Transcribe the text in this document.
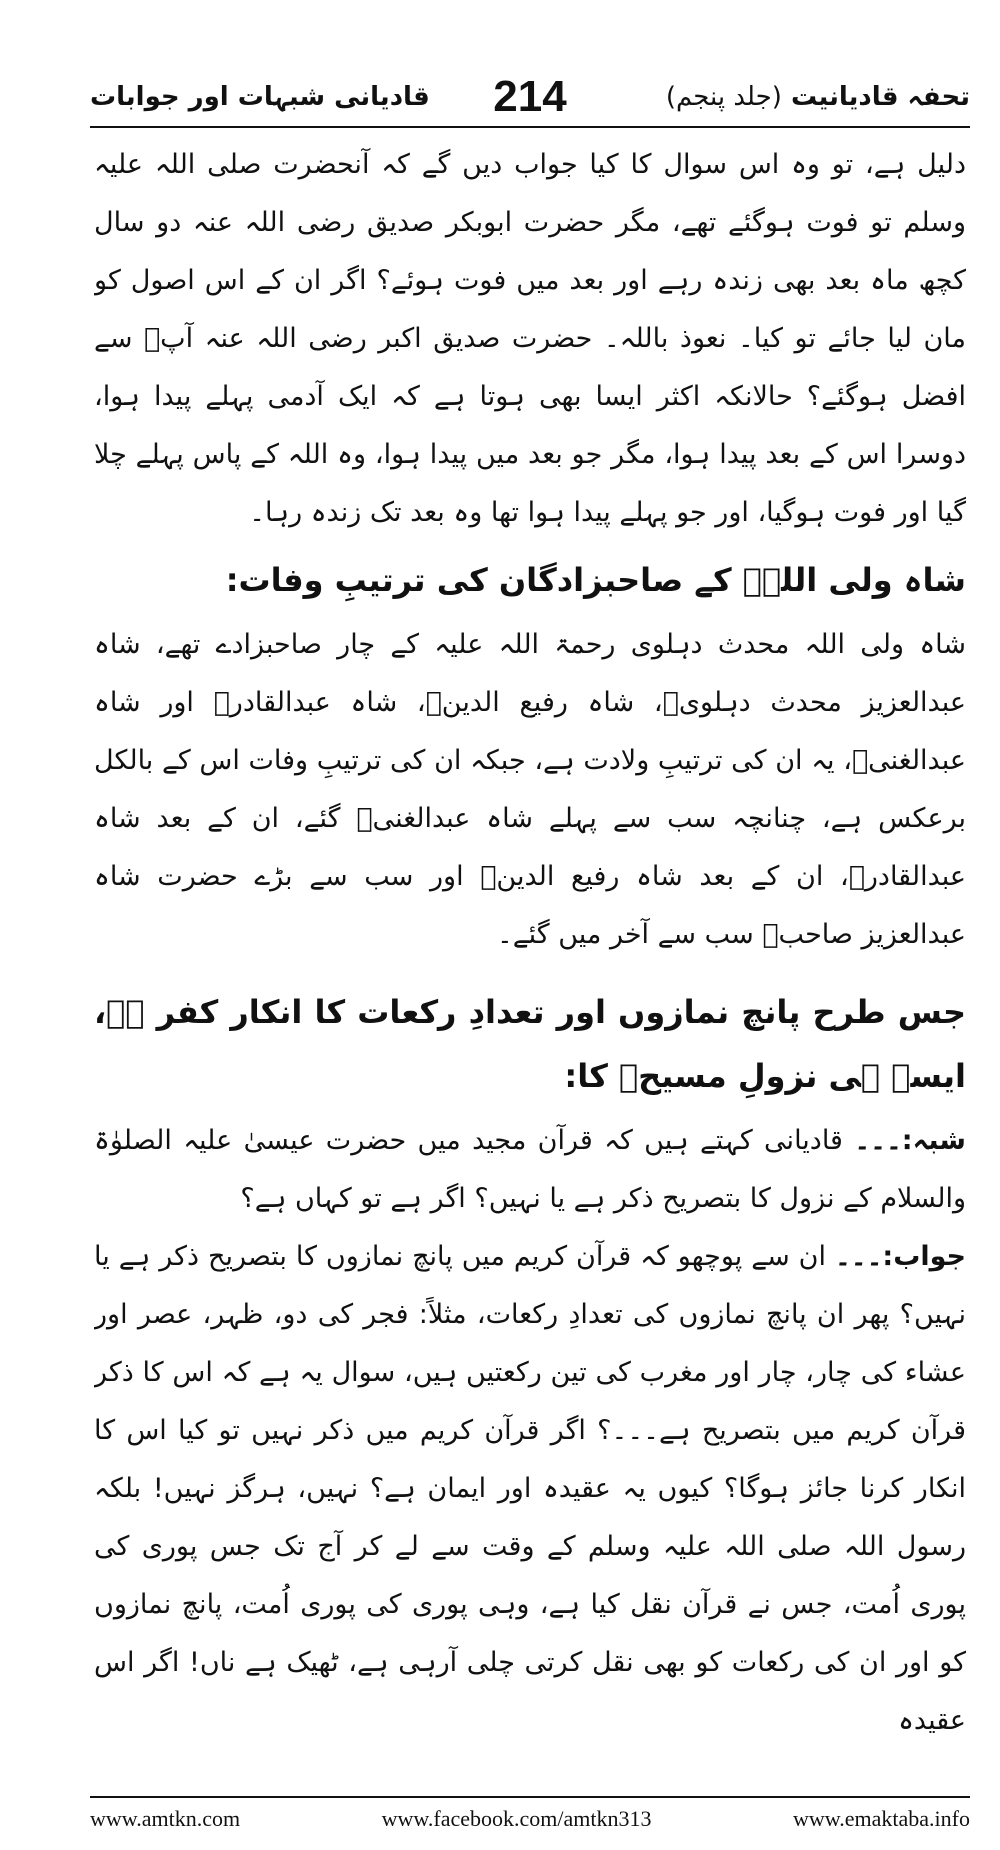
تحفہ قادیانیت (جلد پنجم)
214
قادیانی شبہات اور جوابات

دلیل ہے، تو وہ اس سوال کا کیا جواب دیں گے کہ آنحضرت صلی اللہ علیہ وسلم تو فوت ہوگئے تھے، مگر حضرت ابوبکر صدیق رضی اللہ عنہ دو سال کچھ ماہ بعد بھی زندہ رہے اور بعد میں فوت ہوئے؟ اگر ان کے اس اصول کو مان لیا جائے تو کیا۔ نعوذ باللہ۔ حضرت صدیق اکبر رضی اللہ عنہ آپؐ سے افضل ہوگئے؟ حالانکہ اکثر ایسا بھی ہوتا ہے کہ ایک آدمی پہلے پیدا ہوا، دوسرا اس کے بعد پیدا ہوا، مگر جو بعد میں پیدا ہوا، وہ اللہ کے پاس پہلے چلا گیا اور فوت ہوگیا، اور جو پہلے پیدا ہوا تھا وہ بعد تک زندہ رہا۔

شاہ ولی اللہؒ کے صاحبزادگان کی ترتیبِ وفات:

شاہ ولی اللہ محدث دہلوی رحمۃ اللہ علیہ کے چار صاحبزادے تھے، شاہ عبدالعزیز محدث دہلویؒ، شاہ رفیع الدینؒ، شاہ عبدالقادرؒ اور شاہ عبدالغنیؒ، یہ ان کی ترتیبِ ولادت ہے، جبکہ ان کی ترتیبِ وفات اس کے بالکل برعکس ہے، چنانچہ سب سے پہلے شاہ عبدالغنیؒ گئے، ان کے بعد شاہ عبدالقادرؒ، ان کے بعد شاہ رفیع الدینؒ اور سب سے بڑے حضرت شاہ عبدالعزیز صاحبؒ سب سے آخر میں گئے۔

جس طرح پانچ نمازوں اور تعدادِ رکعات کا انکار کفر ہے، ایسے ہی نزولِ مسیحؑ کا:

شبہ:۔۔۔ قادیانی کہتے ہیں کہ قرآن مجید میں حضرت عیسیٰ علیہ الصلوٰۃ والسلام کے نزول کا بتصریح ذکر ہے یا نہیں؟ اگر ہے تو کہاں ہے؟

جواب:۔۔۔ ان سے پوچھو کہ قرآن کریم میں پانچ نمازوں کا بتصریح ذکر ہے یا نہیں؟ پھر ان پانچ نمازوں کی تعدادِ رکعات، مثلاً: فجر کی دو، ظہر، عصر اور عشاء کی چار، چار اور مغرب کی تین رکعتیں ہیں، سوال یہ ہے کہ اس کا ذکر قرآن کریم میں بتصریح ہے۔۔۔؟ اگر قرآن کریم میں ذکر نہیں تو کیا اس کا انکار کرنا جائز ہوگا؟ کیوں یہ عقیدہ اور ایمان ہے؟ نہیں، ہرگز نہیں! بلکہ رسول اللہ صلی اللہ علیہ وسلم کے وقت سے لے کر آج تک جس پوری کی پوری اُمت، جس نے قرآن نقل کیا ہے، وہی پوری کی پوری اُمت، پانچ نمازوں کو اور ان کی رکعات کو بھی نقل کرتی چلی آرہی ہے، ٹھیک ہے ناں! اگر اس عقیدہ

www.amtkn.com	www.facebook.com/amtkn313	www.emaktaba.info
